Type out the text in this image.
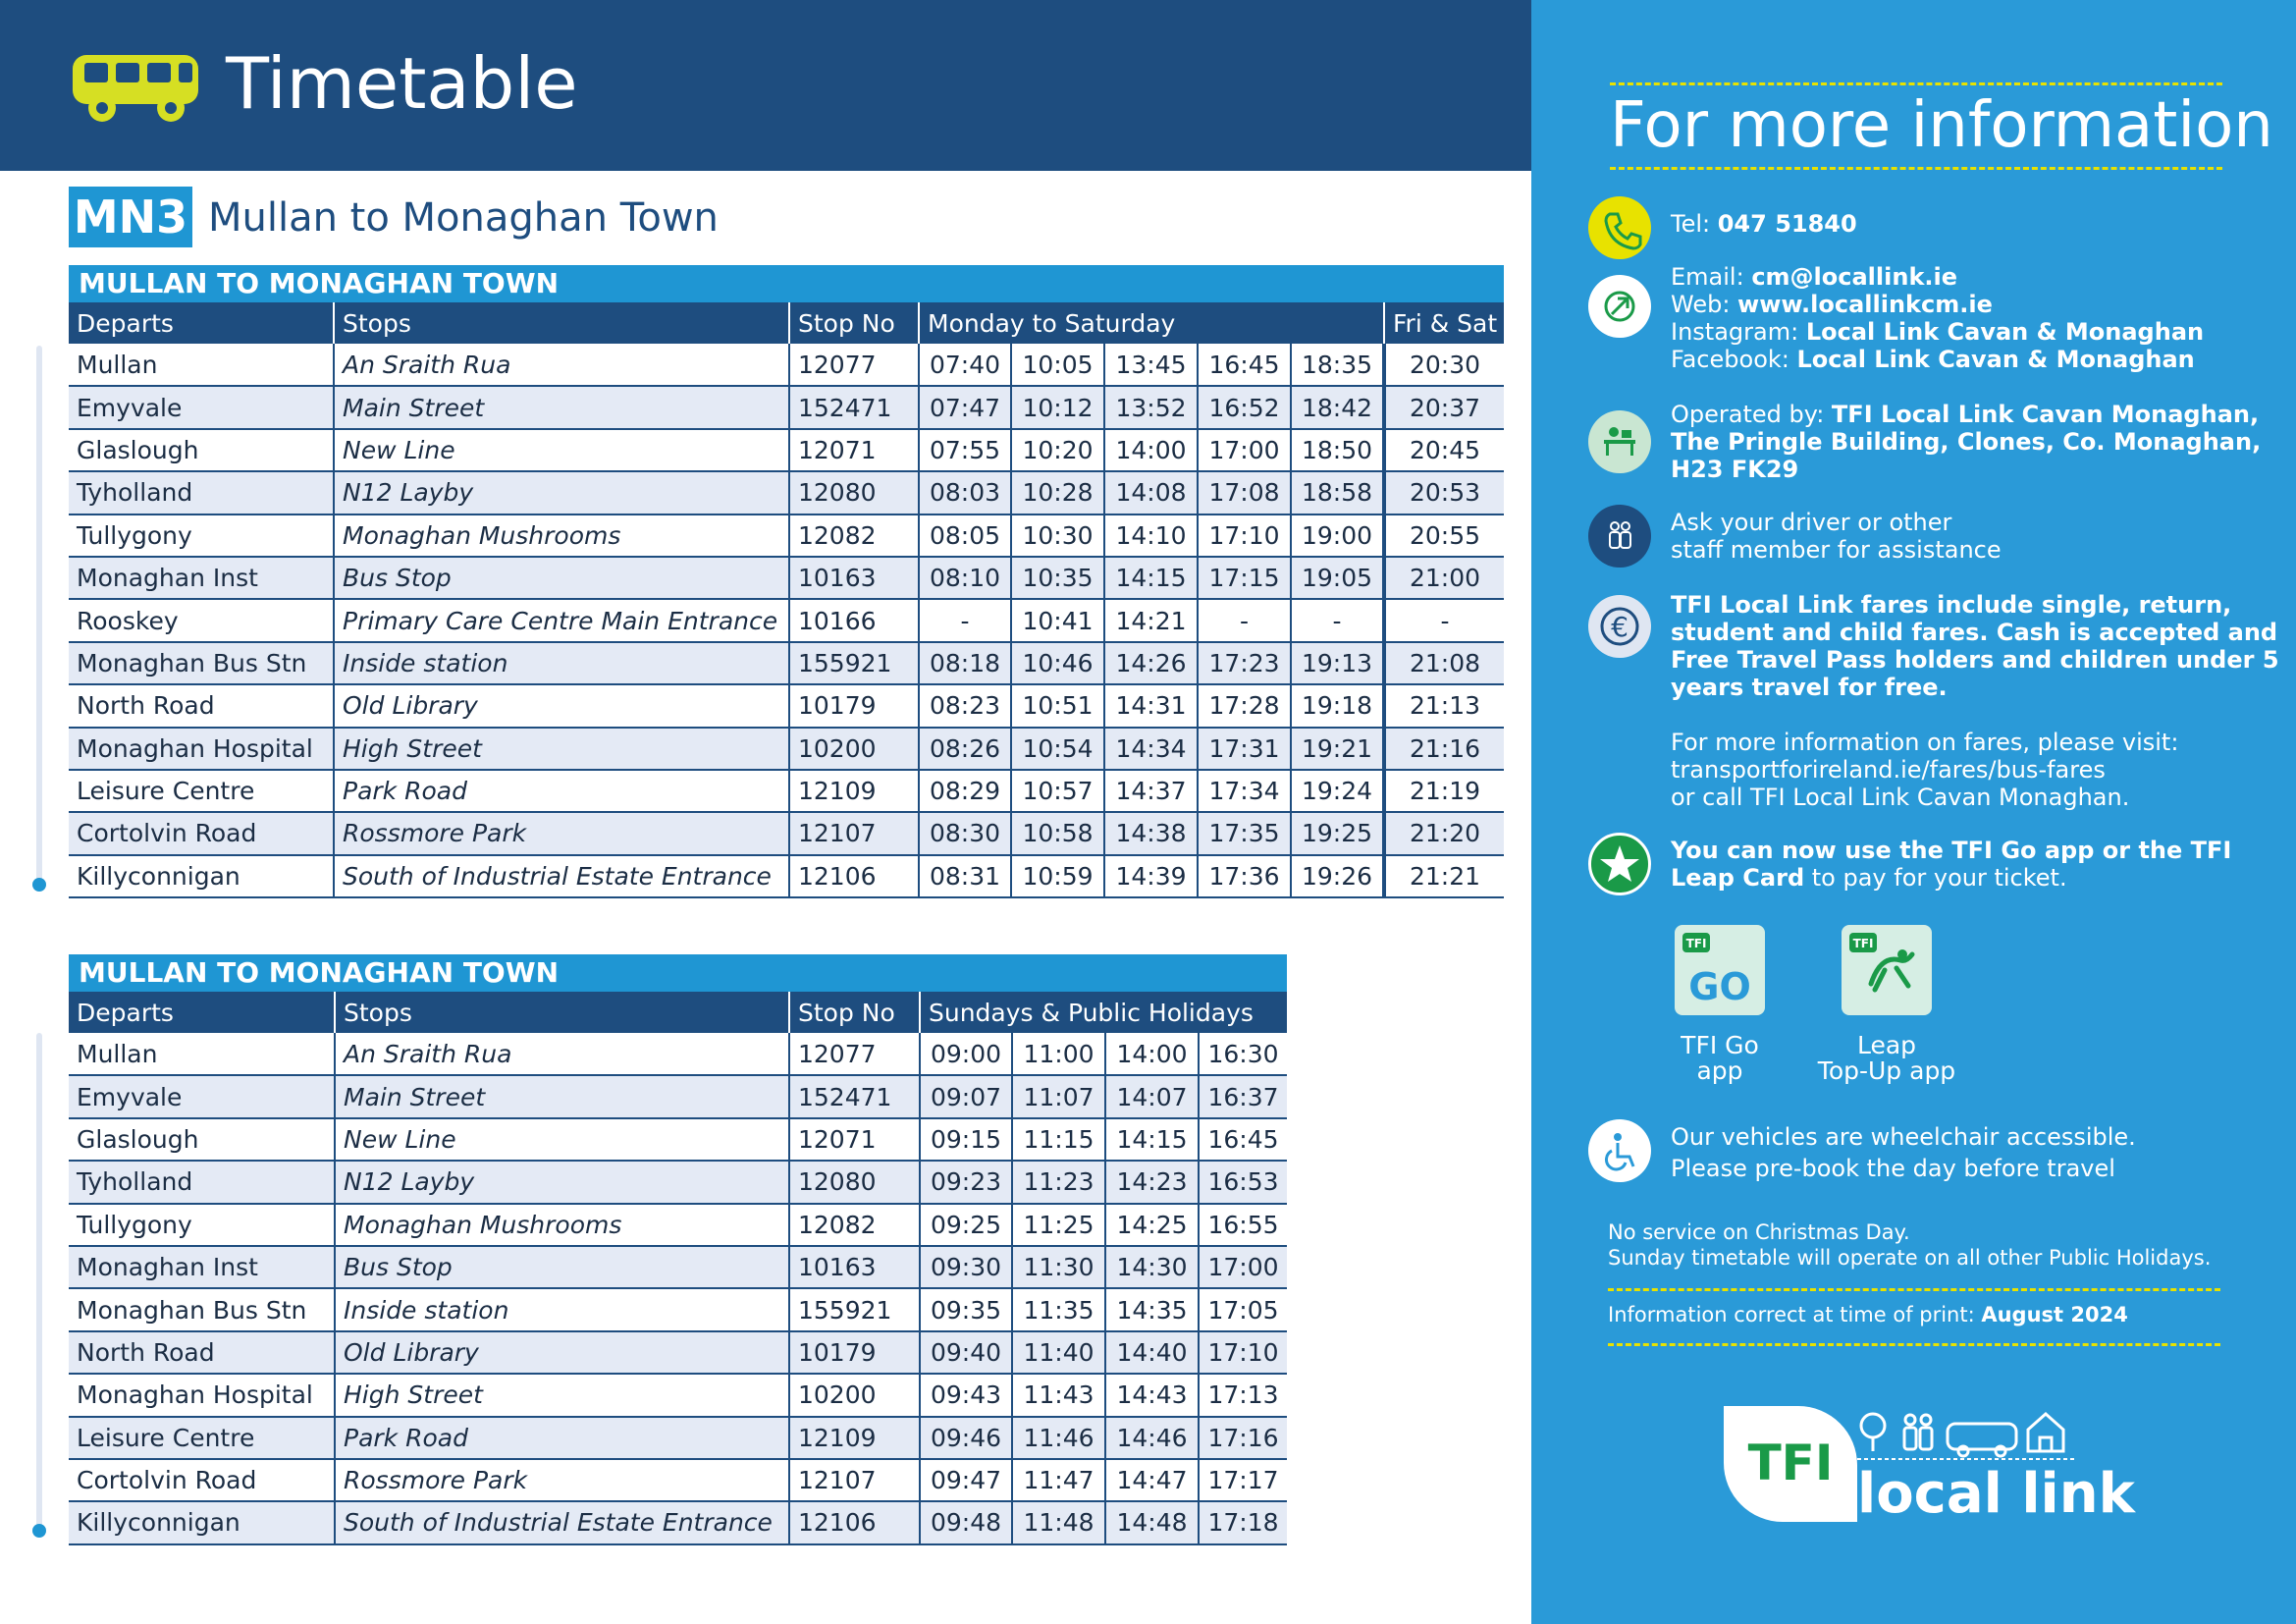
Timetable
MN3 Mullan to Monaghan Town
MULLAN TO MONAGHAN TOWN
Departs	Stops	Stop No	Monday to Saturday					Fri & Sat
Mullan	An Sraith Rua	12077	07:40	10:05	13:45	16:45	18:35	20:30
Emyvale	Main Street	152471	07:47	10:12	13:52	16:52	18:42	20:37
Glaslough	New Line	12071	07:55	10:20	14:00	17:00	18:50	20:45
Tyholland	N12 Layby	12080	08:03	10:28	14:08	17:08	18:58	20:53
Tullygony	Monaghan Mushrooms	12082	08:05	10:30	14:10	17:10	19:00	20:55
Monaghan Inst	Bus Stop	10163	08:10	10:35	14:15	17:15	19:05	21:00
Rooskey	Primary Care Centre Main Entrance	10166	-	10:41	14:21	-	-	-
Monaghan Bus Stn	Inside station	155921	08:18	10:46	14:26	17:23	19:13	21:08
North Road	Old Library	10179	08:23	10:51	14:31	17:28	19:18	21:13
Monaghan Hospital	High Street	10200	08:26	10:54	14:34	17:31	19:21	21:16
Leisure Centre	Park Road	12109	08:29	10:57	14:37	17:34	19:24	21:19
Cortolvin Road	Rossmore Park	12107	08:30	10:58	14:38	17:35	19:25	21:20
Killyconnigan	South of Industrial Estate Entrance	12106	08:31	10:59	14:39	17:36	19:26	21:21
MULLAN TO MONAGHAN TOWN
Departs	Stops	Stop No	Sundays & Public Holidays			
Mullan	An Sraith Rua	12077	09:00	11:00	14:00	16:30
Emyvale	Main Street	152471	09:07	11:07	14:07	16:37
Glaslough	New Line	12071	09:15	11:15	14:15	16:45
Tyholland	N12 Layby	12080	09:23	11:23	14:23	16:53
Tullygony	Monaghan Mushrooms	12082	09:25	11:25	14:25	16:55
Monaghan Inst	Bus Stop	10163	09:30	11:30	14:30	17:00
Monaghan Bus Stn	Inside station	155921	09:35	11:35	14:35	17:05
North Road	Old Library	10179	09:40	11:40	14:40	17:10
Monaghan Hospital	High Street	10200	09:43	11:43	14:43	17:13
Leisure Centre	Park Road	12109	09:46	11:46	14:46	17:16
Cortolvin Road	Rossmore Park	12107	09:47	11:47	14:47	17:17
Killyconnigan	South of Industrial Estate Entrance	12106	09:48	11:48	14:48	17:18
For more information
Tel: 047 51840
Email: cm@locallink.ie
Web: www.locallinkcm.ie
Instagram: Local Link Cavan & Monaghan
Facebook: Local Link Cavan & Monaghan
Operated by: TFI Local Link Cavan Monaghan,
The Pringle Building, Clones, Co. Monaghan,
H23 FK29
Ask your driver or other
staff member for assistance
€
TFI Local Link fares include single, return,
student and child fares. Cash is accepted and
Free Travel Pass holders and children under 5
years travel for free.
For more information on fares, please visit:
transportforireland.ie/fares/bus-fares
or call TFI Local Link Cavan Monaghan.
You can now use the TFI Go app or the TFI
Leap Card to pay for your ticket.
TFI
GO
TFI Go
app
TFI
Leap
Top-Up app
Our vehicles are wheelchair accessible.
Please pre-book the day before travel
No service on Christmas Day.
Sunday timetable will operate on all other Public Holidays.
Information correct at time of print: August 2024
TFI local link
